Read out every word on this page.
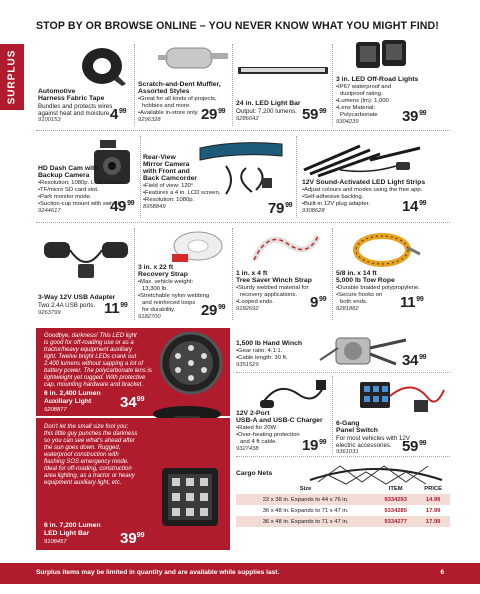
STOP BY OR BROWSE ONLINE – YOU NEVER KNOW WHAT YOU MIGHT FIND!
SURPLUS	Automotive
Harness Fabric Tape
Bundles and protects wires
against heat and moisture.
9100153	$4^{99}$
Scratch-and-Dent Muffler,
Assorted Styles
•Great for all kinds of projects,
hobbies and more.
•Available in-store only.
9296328	$29^{99}$
24 in. LED Light Bar
Output: 7,200 lumens.
9286642	$59^{99}$
3 in. LED Off-Road Lights
•IP67 waterproof and
dustproof rating.
•Lumens (lm): 1,000
•Lens Material:
Polycarbonate
9304239	$39^{99}$
HD Dash Cam with
Backup Camera
•Resolution: 1080p. LCD screen.
•TF/micro SD card slot.
•Park monitor mode.
•Suction-cup mount with swivel.
9244617	$49^{99}$
Rear-View
Mirror Camera
with Front and
Back Camcorder
•Field of view: 120°.
•Features a 4 in. LCD screen.
•Resolution: 1080p.
8958849	$79^{99}$
12V Sound-Activated LED Light Strips
•Adjust colours and modes using the free app.
•Self-adhesive backing.
•Built-in 12V plug adapter.
9308628	$14^{99}$
3-Way 12V USB Adapter
Two 2.4A USB ports.
9263799	$11^{99}$
3 in. x 22 ft
Recovery Strap
•Max. vehicle weight:
13,300 lb.
•Stretchable nylon webbing
and reinforced loops
for durability.
9182700	$29^{99}$
1 in. x 4 ft
Tree Saver Winch Strap
•Sturdy webbed material for
recovery applications.
•Looped ends.
9182692	$9^{99}$
5/8 in. x 14 ft
5,000 lb Tow Rope
•Durable braided polypropylene.
•Secure hooks on
both ends.
9281882	$11^{99}$
Goodbye, darkness! This LED light
is good for off-roading use or as a
tractor/heavy equipment auxiliary
light. Twelve bright LEDs crank out
2,400 lumens without sapping a lot of
battery power. The polycarbonate lens is
lightweight yet rugged. With protective
cap, mounting hardware and bracket.
6 in. 2,400 Lumen
Auxiliary Light
9208877	$34^{99}$
Don't let the small size fool you;
this little guy punches the darkness
so you can see what's ahead after
the sun goes down. Rugged,
waterproof construction with
flashing SOS emergency mode.
Ideal for off-roading, construction
area lighting, as a tractor or heavy
equipment auxiliary light, etc.
6 in. 7,200 Lumen
LED Light Bar
9108457	$39^{99}$
1,500 lb Hand Winch
•Gear ratio: 4.1:1.
•Cable length: 30 ft.
9351529	$34^{99}$
12V 2-Port
USB-A and USB-C Charger
•Rated for 20W.
•Over-heating protection
and 4 ft cable.
9327438	$19^{99}$
6-Gang
Panel Switch
For most vehicles with 12V
electric accessories.
9361031	$59^{99}$
Cargo Nets
Size	ITEM	PRICE
22 x 38 in. Expands to 44 x 76 in.	9334293	14.99
36 x 48 in. Expands to 71 x 47 in.	9334285	17.99
36 x 48 in. Expands to 71 x 47 in.	9334277	17.99
Surplus items may be limited in quantity and are available while supplies last.	6
